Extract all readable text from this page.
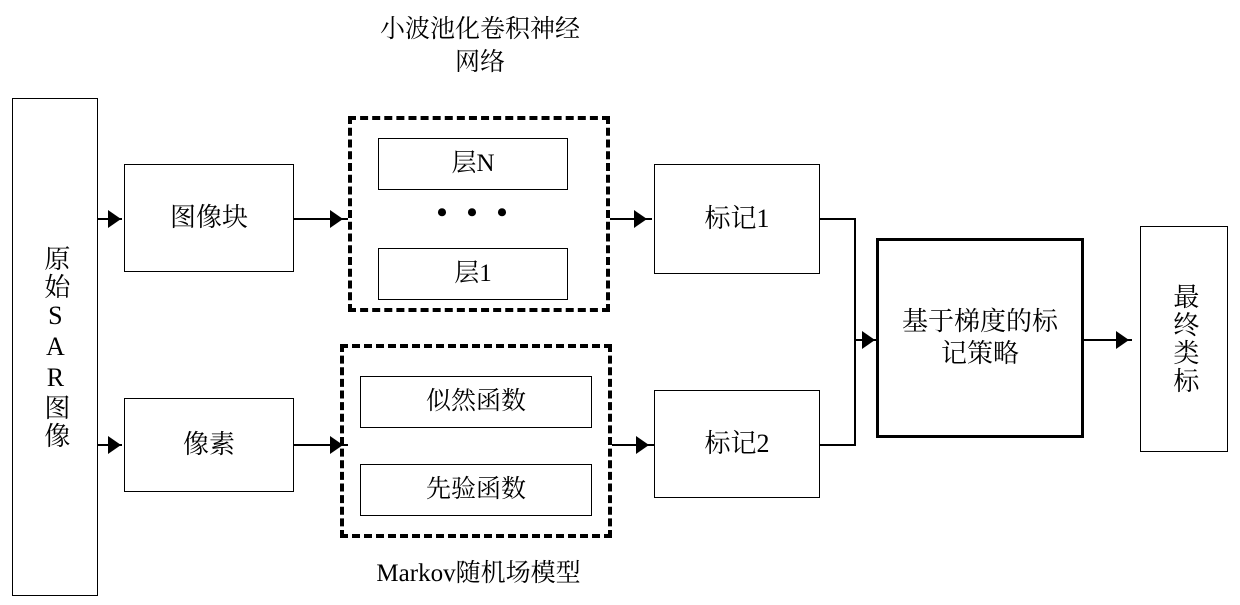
小波池化卷积神经
网络
原始SAR图像
图像块
像素
层N
• • •
层1
似然函数
先验函数
Markov随机场模型
标记1
标记2
基于梯度的标
记策略	最终类标
